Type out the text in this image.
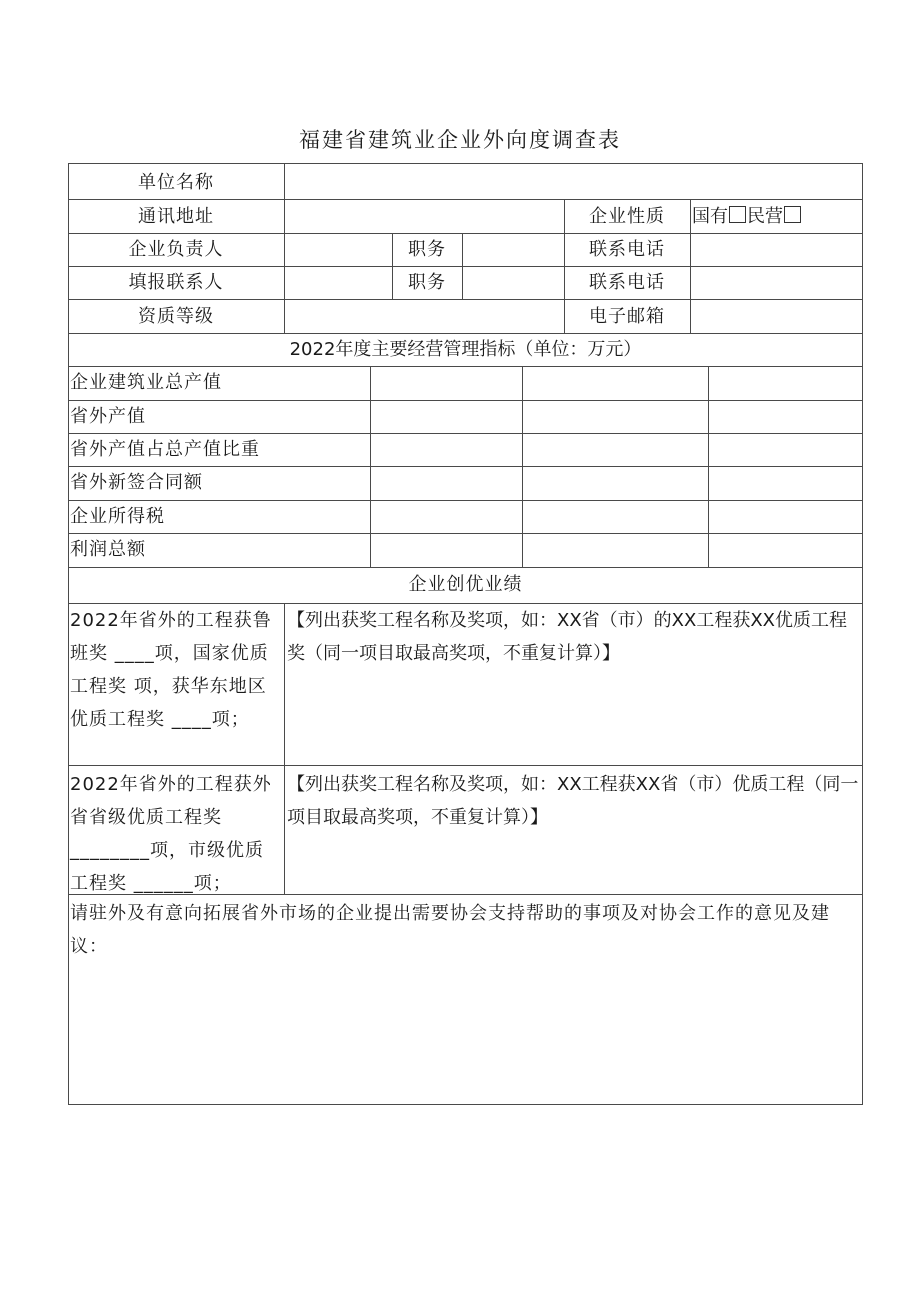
福建省建筑业企业外向度调查表
单位名称
通讯地址	企业性质	国有 民营
企业负责人	职务	联系电话
填报联系人	职务	联系电话
资质等级	电子邮箱
2022年度主要经营管理指标（单位：万元）
企业建筑业总产值
省外产值
省外产值占总产值比重
省外新签合同额
企业所得税
利润总额
企业创优业绩
2022年省外的工程获鲁班奖 ____项，国家优质工程奖 项，获华东地区优质工程奖 ____项；
【列出获奖工程名称及奖项，如：XX省（市）的XX工程获XX优质工程奖（同一项目取最高奖项，不重复计算）】
2022年省外的工程获外省省级优质工程奖________项，市级优质工程奖 ______项；
【列出获奖工程名称及奖项，如：XX工程获XX省（市）优质工程（同一项目取最高奖项，不重复计算）】
请驻外及有意向拓展省外市场的企业提出需要协会支持帮助的事项及对协会工作的意见及建议：
